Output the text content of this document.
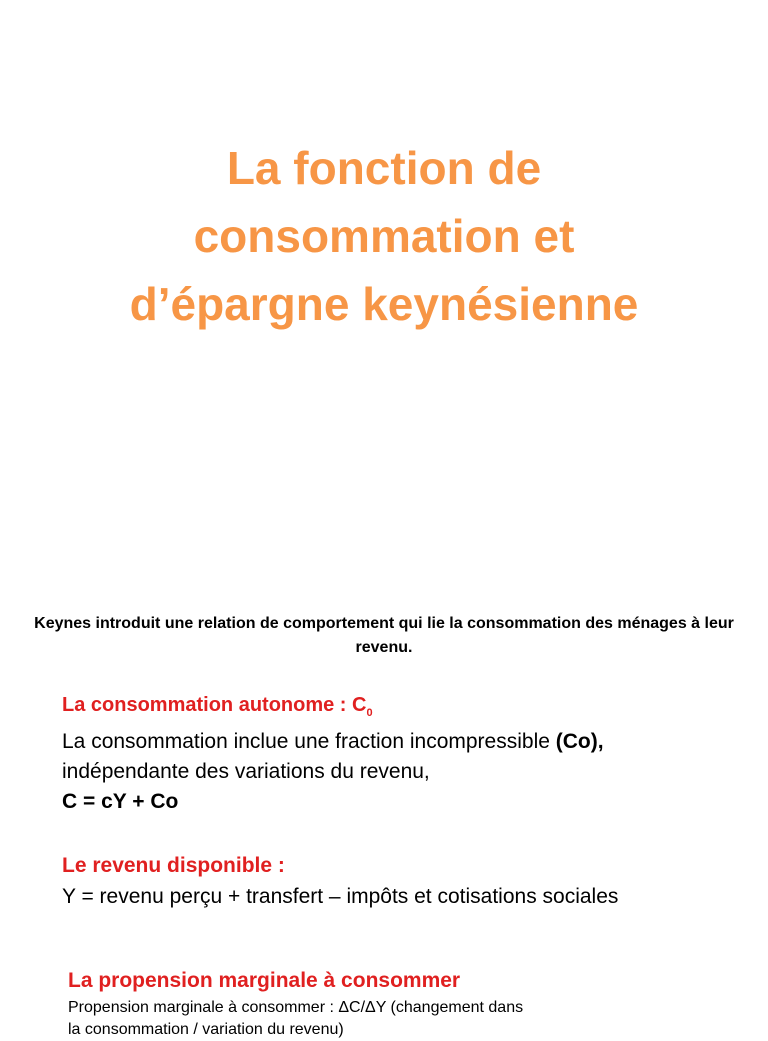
La fonction de
consommation et
d’épargne keynésienne

Keynes introduit une relation de comportement qui lie la consommation des ménages à leur revenu.

La consommation autonome : $C_0$

La consommation inclue une fraction incompressible (Co),

indépendante des variations du revenu,

C = cY + Co

Le revenu disponible :

Y = revenu perçu + transfert – impôts et cotisations sociales

La propension marginale à consommer

Propension marginale à consommer : ΔC/ΔY (changement dans

la consommation / variation du revenu)
